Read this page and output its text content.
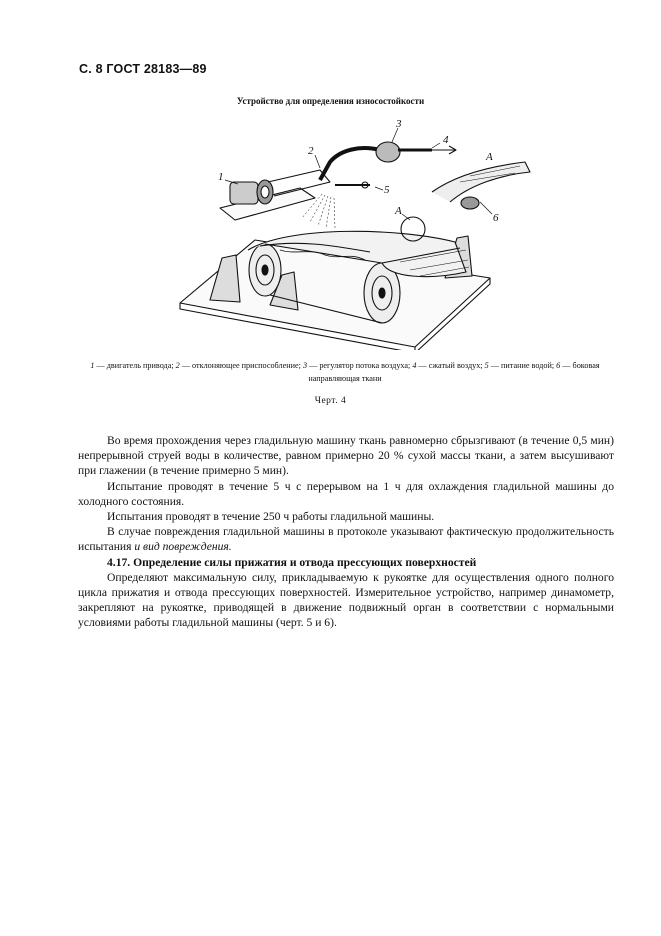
С. 8 ГОСТ 28183—89
Устройство для определения износостойкости
1
2
3
4
5
6
A
A
1 — двигатель привода; 2 — отклоняющее приспособление; 3 — регулятор потока воздуха; 4 — сжатый воздух; 5 — питание водой; 6 — боковая направляющая ткани
Черт. 4

Во время прохождения через гладильную машину ткань равномерно сбрызгивают (в течение 0,5 мин) непрерывной струей воды в количестве, равном примерно 20 % сухой массы ткани, а затем высушивают при глажении (в течение примерно 5 мин).

Испытание проводят в течение 5 ч с перерывом на 1 ч для охлаждения гладильной машины до холодного состояния.

Испытания проводят в течение 250 ч работы гладильной машины.

В случае повреждения гладильной машины в протоколе указывают фактическую продолжительность испытания и вид повреждения.

4.17. Определение силы прижатия и отвода прессующих поверхностей

Определяют максимальную силу, прикладываемую к рукоятке для осуществления одного полного цикла прижатия и отвода прессующих поверхностей. Измерительное устройство, например динамометр, закрепляют на рукоятке, приводящей в движение подвижный орган в соответствии с нормальными условиями работы гладильной машины (черт. 5 и 6).
